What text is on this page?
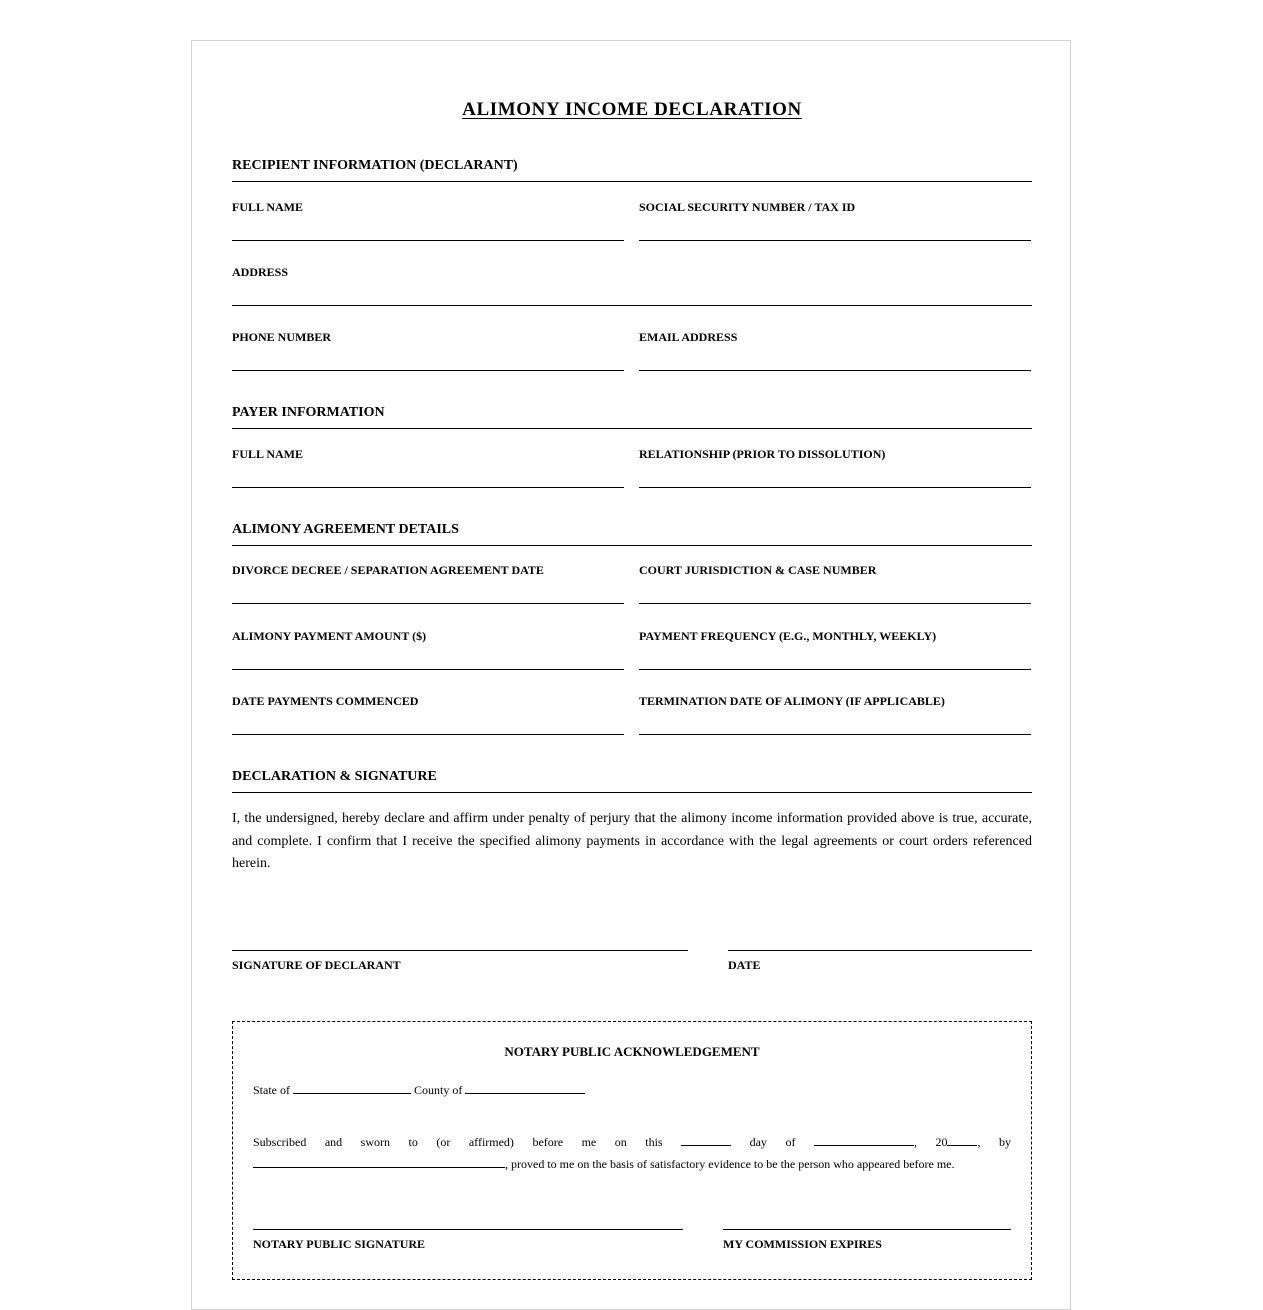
ALIMONY INCOME DECLARATION
RECIPIENT INFORMATION (DECLARANT)
FULL NAME	SOCIAL SECURITY NUMBER / TAX ID
ADDRESS
PHONE NUMBER	EMAIL ADDRESS
PAYER INFORMATION
FULL NAME	RELATIONSHIP (PRIOR TO DISSOLUTION)
ALIMONY AGREEMENT DETAILS
DIVORCE DECREE / SEPARATION AGREEMENT DATE	COURT JURISDICTION & CASE NUMBER
ALIMONY PAYMENT AMOUNT ($)	PAYMENT FREQUENCY (E.G., MONTHLY, WEEKLY)
DATE PAYMENTS COMMENCED	TERMINATION DATE OF ALIMONY (IF APPLICABLE)
DECLARATION & SIGNATURE
I, the undersigned, hereby declare and affirm under penalty of perjury that the alimony income information provided above is true, accurate, and complete. I confirm that I receive the specified alimony payments in accordance with the legal agreements or court orders referenced herein.
SIGNATURE OF DECLARANT	DATE
NOTARY PUBLIC ACKNOWLEDGEMENT
State of	County of
Subscribed and sworn to (or affirmed) before me on this	day of	, 20	, by
, proved to me on the basis of satisfactory evidence to be the person who appeared before me.
NOTARY PUBLIC SIGNATURE	MY COMMISSION EXPIRES
